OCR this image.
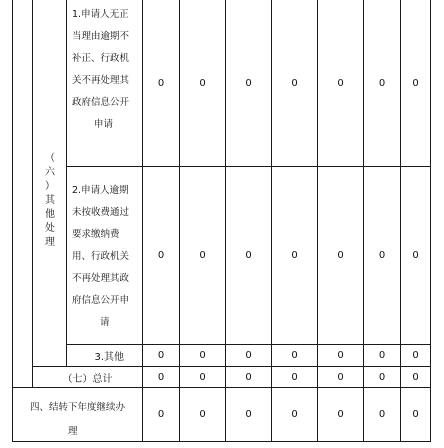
（
六
）
其
他
处
理
1.申请人无正
当理由逾期不
补正、行政机
关不再处理其
政府信息公开
申请
0	0	0	0	0	0	0
2.申请人逾期
未按收费通过
要求缴纳费
用、行政机关
不再处理其政
府信息公开申
请
0	0	0	0	0	0	0
3.其他	0	0	0	0	0	0	0
（七）总计	0	0	0	0	0	0	0
四、结转下年度继续办
理
0	0	0	0	0	0	0
